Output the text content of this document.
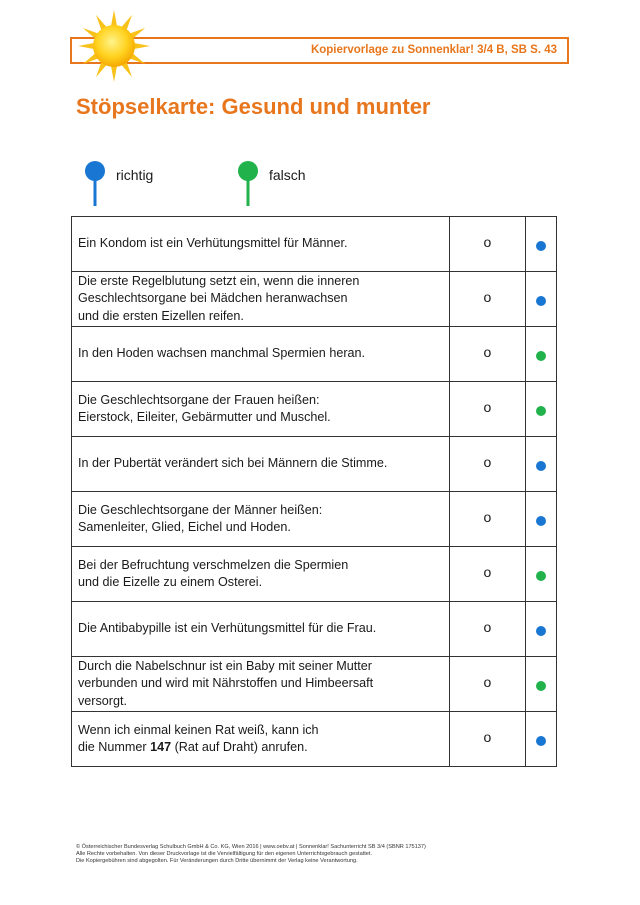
Kopiervorlage zu Sonnenklar! 3/4 B, SB S. 43
Stöpselkarte: Gesund und munter
richtig	falsch
Ein Kondom ist ein Verhütungsmittel für Männer.	o	

Die erste Regelblutung setzt ein, wenn die inneren
Geschlechtsorgane bei Mädchen heranwachsen
und die ersten Eizellen reifen.	o	

In den Hoden wachsen manchmal Spermien heran.	o	

Die Geschlechtsorgane der Frauen heißen:
Eierstock, Eileiter, Gebärmutter und Muschel.	o	

In der Pubertät verändert sich bei Männern die Stimme.	o	

Die Geschlechtsorgane der Männer heißen:
Samenleiter, Glied, Eichel und Hoden.	o	

Bei der Befruchtung verschmelzen die Spermien
und die Eizelle zu einem Osterei.	o	

Die Antibabypille ist ein Verhütungsmittel für die Frau.	o	

Durch die Nabelschnur ist ein Baby mit seiner Mutter
verbunden und wird mit Nährstoffen und Himbeersaft
versorgt.	o	

Wenn ich einmal keinen Rat weiß, kann ich
die Nummer 147 (Rat auf Draht) anrufen.	o	
© Österreichischer Bundesverlag Schulbuch GmbH & Co. KG, Wien 2016 | www.oebv.at | Sonnenklar! Sachunterricht SB 3/4 (SBNR 175137)
Alle Rechte vorbehalten. Von dieser Druckvorlage ist die Vervielfältigung für den eigenen Unterrichtsgebrauch gestattet.
Die Kopiergebühren sind abgegolten. Für Veränderungen durch Dritte übernimmt der Verlag keine Verantwortung.
